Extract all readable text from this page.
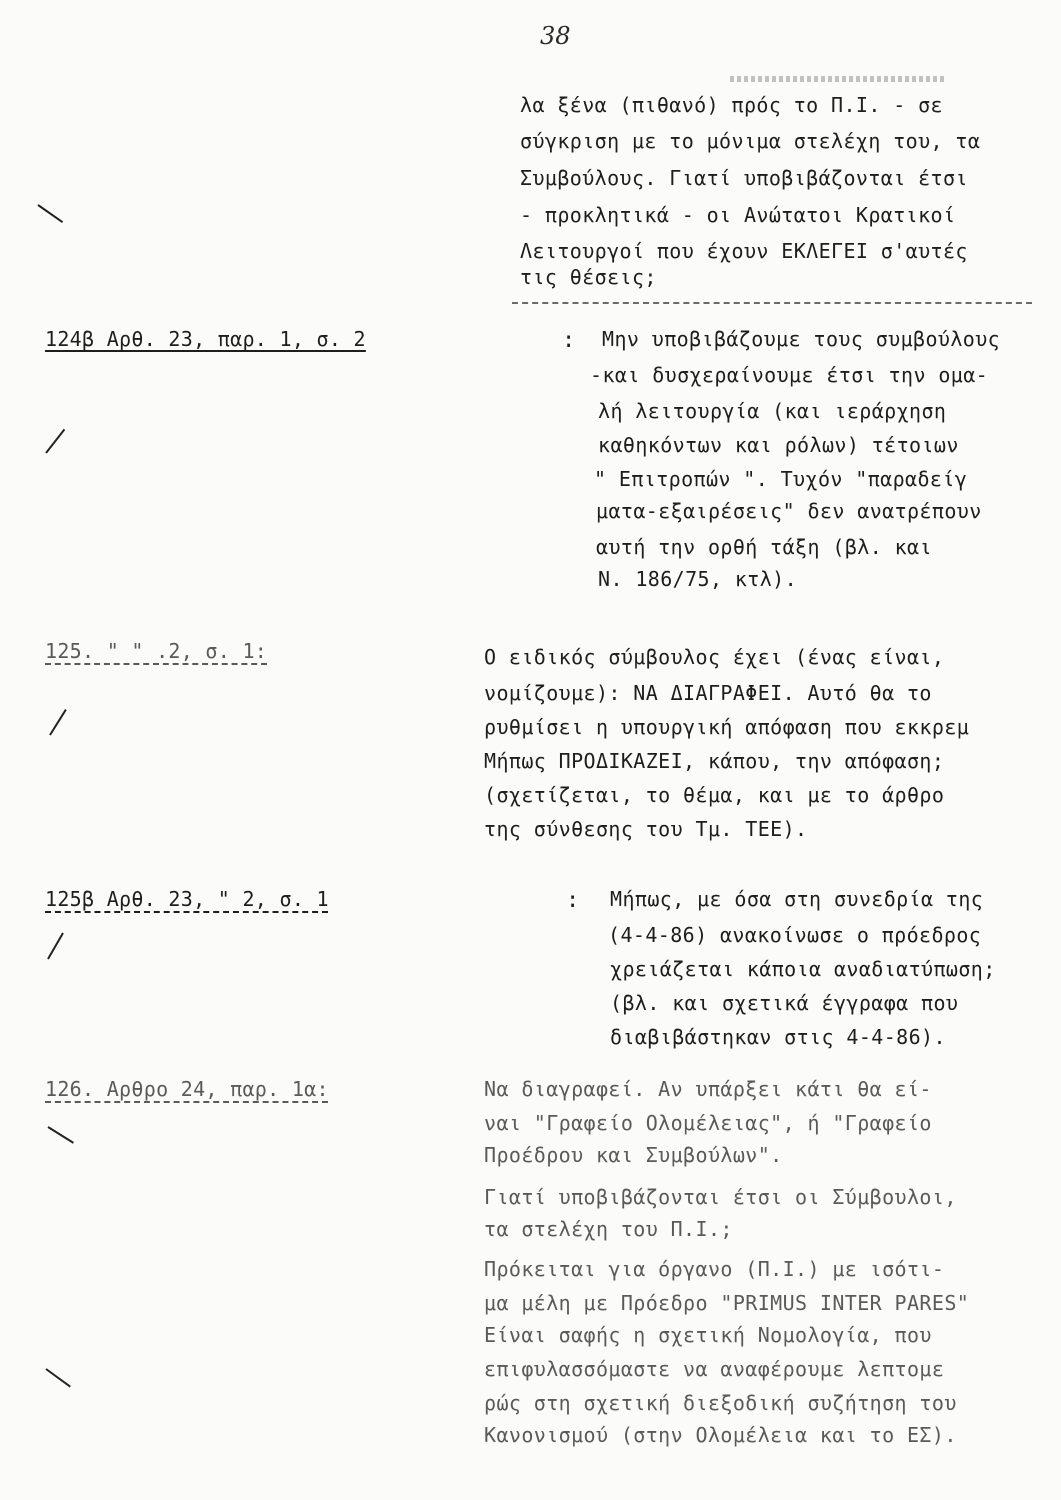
38
λα ξένα (πιθανό) πρός το Π.Ι. - σε
σύγκριση με το μόνιμα στελέχη του, τα
Συμβούλους. Γιατί υποβιβάζονται έτσι
- προκλητικά - οι Ανώτατοι Κρατικοί
Λειτουργοί που έχουν ΕΚΛΕΓΕΙ σ'αυτές
τις θέσεις;
124β Αρθ. 23, παρ. 1, σ. 2	: Μην υποβιβάζουμε τους συμβούλους
-και δυσχεραίνουμε έτσι την ομα-
λή λειτουργία (και ιεράρχηση
καθηκόντων και ρόλων) τέτοιων
" Επιτροπών ". Τυχόν "παραδείγ
ματα-εξαιρέσεις" δεν ανατρέπουν
αυτή την ορθή τάξη (βλ. και
Ν. 186/75, κτλ).
125. " " .2, σ. 1:	Ο ειδικός σύμβουλος έχει (ένας είναι,
νομίζουμε): ΝΑ ΔΙΑΓΡΑΦΕΙ. Αυτό θα το
ρυθμίσει η υπουργική απόφαση που εκκρεμ
Μήπως ΠΡΟΔΙΚΑΖΕΙ, κάπου, την απόφαση;
(σχετίζεται, το θέμα, και με το άρθρο
της σύνθεσης του Τμ. ΤΕΕ).
125β Αρθ. 23, " 2, σ. 1	: Μήπως, με όσα στη συνεδρία της
(4-4-86) ανακοίνωσε ο πρόεδρος
χρειάζεται κάποια αναδιατύπωση;
(βλ. και σχετικά έγγραφα που
διαβιβάστηκαν στις 4-4-86).
126. Αρθρο 24, παρ. 1α:	Να διαγραφεί. Αν υπάρξει κάτι θα εί-
ναι "Γραφείο Ολομέλειας", ή "Γραφείο
Προέδρου και Συμβούλων".
Γιατί υποβιβάζονται έτσι οι Σύμβουλοι,
τα στελέχη του Π.Ι.;
Πρόκειται για όργανο (Π.Ι.) με ισότι-
μα μέλη με Πρόεδρο "PRIMUS INTER PARES"
Είναι σαφής η σχετική Νομολογία, που
επιφυλασσόμαστε να αναφέρουμε λεπτομε
ρώς στη σχετική διεξοδική συζήτηση του
Κανονισμού (στην Ολομέλεια και το ΕΣ).
